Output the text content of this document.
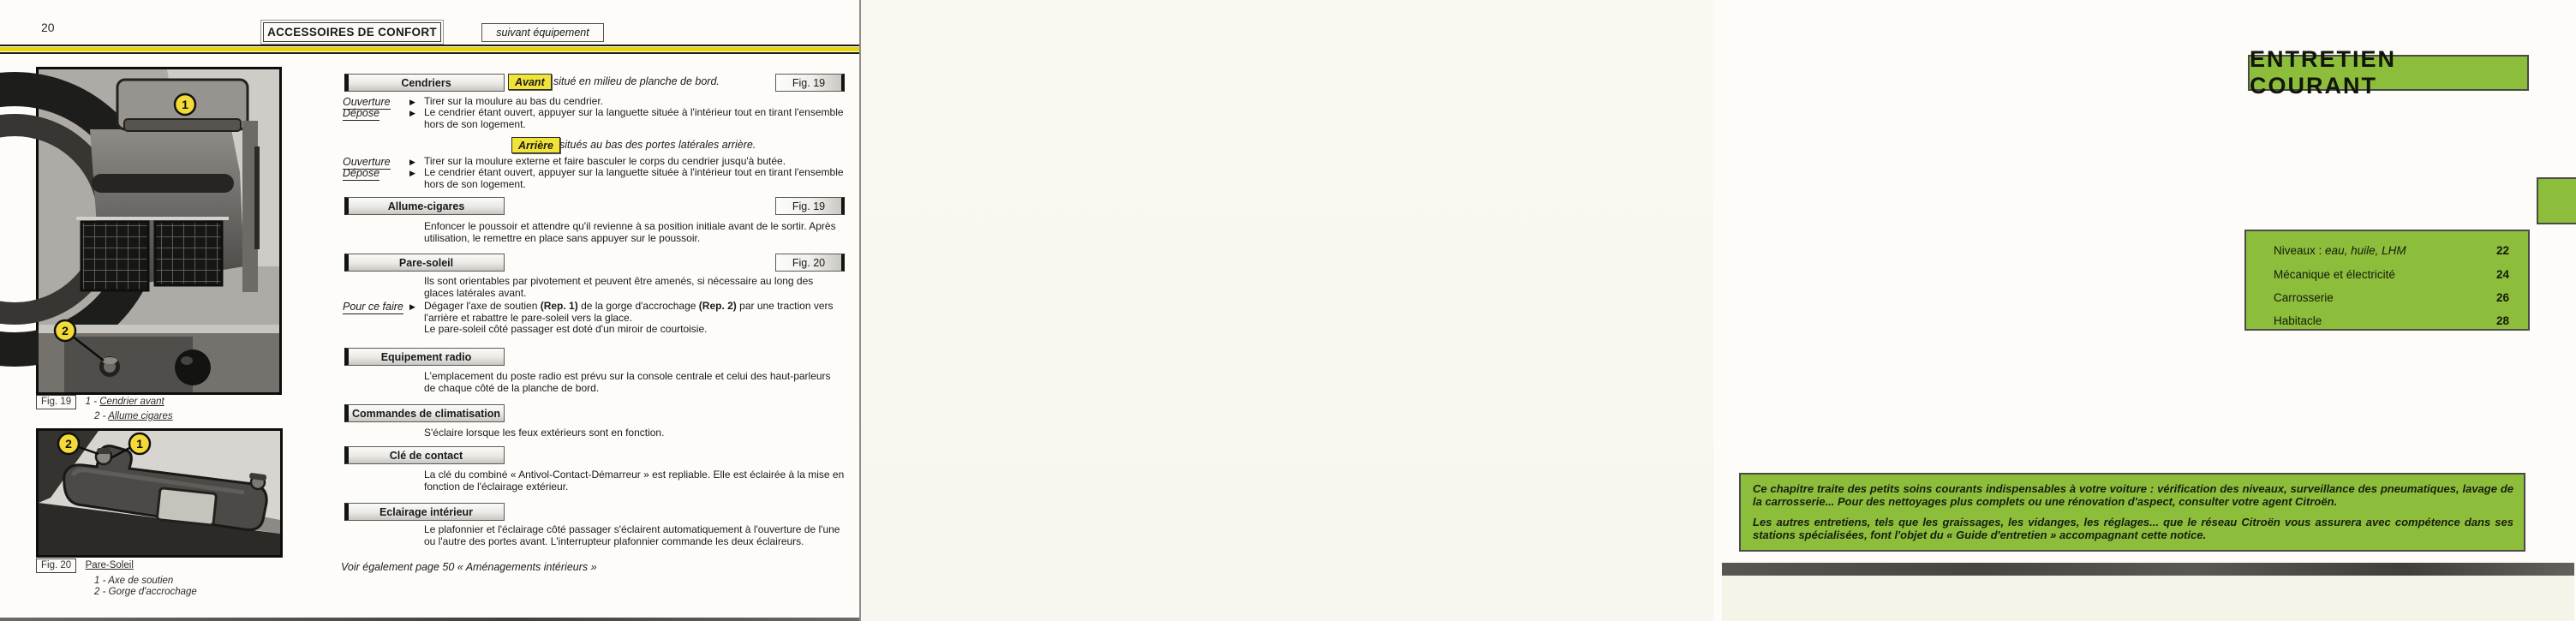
20	ACCESSOIRES DE CONFORT	suivant équipement
1
2
Fig. 19 1 - Cendrier avant
2 - Allume cigares
2	1
Fig. 20 Pare-Soleil
1 - Axe de soutien
2 - Gorge d'accrochage
Cendriers	Avant situé en milieu de planche de bord.	Fig. 19
Ouverture	▶ Tirer sur la moulure au bas du cendrier.
Dépose	▶ Le cendrier étant ouvert, appuyer sur la languette située à l'intérieur tout en tirant l'ensemble hors de son logement.
Arrière situés au bas des portes latérales arrière.
Ouverture	▶ Tirer sur la moulure externe et faire basculer le corps du cendrier jusqu'à butée.
Dépose	▶ Le cendrier étant ouvert, appuyer sur la languette située à l'intérieur tout en tirant l'ensemble hors de son logement.
Allume-cigares	Fig. 19
Enfoncer le poussoir et attendre qu'il revienne à sa position initiale avant de le sortir. Après utilisation, le remettre en place sans appuyer sur le poussoir.
Pare-soleil	Fig. 20
Ils sont orientables par pivotement et peuvent être amenés, si nécessaire au long des glaces latérales avant.
Pour ce faire ▶ Dégager l'axe de soutien (Rep. 1) de la gorge d'accrochage (Rep. 2) par une traction vers l'arrière et rabattre le pare-soleil vers la glace.
Le pare-soleil côté passager est doté d'un miroir de courtoisie.
Equipement radio
L'emplacement du poste radio est prévu sur la console centrale et celui des haut-parleurs de chaque côté de la planche de bord.
Commandes de climatisation
S'éclaire lorsque les feux extérieurs sont en fonction.
Clé de contact
La clé du combiné « Antivol-Contact-Démarreur » est repliable. Elle est éclairée à la mise en fonction de l'éclairage extérieur.
Eclairage intérieur
Le plafonnier et l'éclairage côté passager s'éclairent automatiquement à l'ouverture de l'une ou l'autre des portes avant. L'interrupteur plafonnier commande les deux éclaireurs.
Voir également page 50 « Aménagements intérieurs »
ENTRETIEN COURANT
Niveaux : eau, huile, LHM	22
Mécanique et électricité	24
Carrosserie	26
Habitacle	28

Ce chapitre traite des petits soins courants indispensables à votre voiture : vérification des niveaux, surveillance des pneumatiques, lavage de la carrosserie... Pour des nettoyages plus complets ou une rénovation d'aspect, consulter votre agent Citroën.

Les autres entretiens, tels que les graissages, les vidanges, les réglages... que le réseau Citroën vous assurera avec compétence dans ses stations spécialisées, font l'objet du « Guide d'entretien » accompagnant cette notice.
